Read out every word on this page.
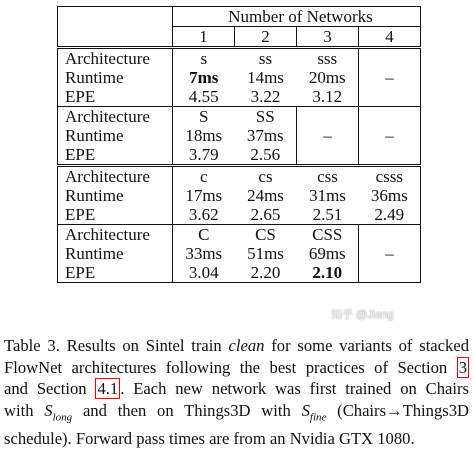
	Number of Networks			
	1	2	3	4
Architecture	s	ss	sss	
Runtime	7ms	14ms	20ms	–
EPE	4.55	3.22	3.12	
Architecture	S	SS		
Runtime	18ms	37ms	–	–
EPE	3.79	2.56		
Architecture	c	cs	css	csss
Runtime	17ms	24ms	31ms	36ms
EPE	3.62	2.65	2.51	2.49
Architecture	C	CS	CSS	
Runtime	33ms	51ms	69ms	–
EPE	3.04	2.20	2.10	
知乎 @Jiang
Table 3. Results on Sintel train clean for some variants of stacked
FlowNet architectures following the best practices of Section 3
and Section 4.1 . Each new network was first trained on Chairs
with $S_{long}$ and then on Things3D with $S_{fine}$ (Chairs→Things3D
schedule). Forward pass times are from an Nvidia GTX 1080.
